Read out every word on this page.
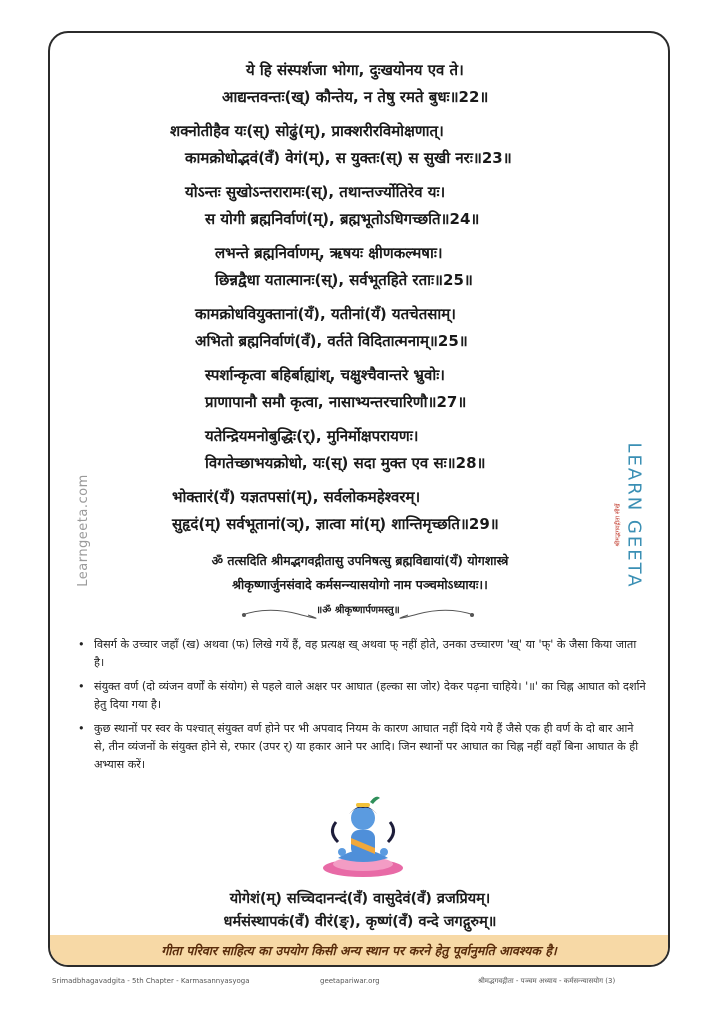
Learngeeta.com	LEARN GEETA
श्रीमद्भगवद्गीता सीखें
ये हि संस्पर्शजा भोगा, दुःखयोनय एव ते।
आद्यन्तवन्तः(ख्) कौन्तेय, न तेषु रमते बुधः॥22॥
शक्नोतीहैव यः(स्) सोढुं(म्), प्राक्शरीरविमोक्षणात्।
कामक्रोधोद्भवं(वँ) वेगं(म्), स युक्तः(स्) स सुखी नरः॥23॥
योऽन्तः सुखोऽन्तरारामः(स्), तथान्तर्ज्योतिरेव यः।
स योगी ब्रह्मनिर्वाणं(म्), ब्रह्मभूतोऽधिगच्छति॥24॥
लभन्ते ब्रह्मनिर्वाणम्, ऋषयः क्षीणकल्मषाः।
छिन्नद्वैधा यतात्मानः(स्), सर्वभूतहिते रताः॥25॥
कामक्रोधवियुक्तानां(यँ), यतीनां(यँ) यतचेतसाम्।
अभितो ब्रह्मनिर्वाणं(वँ), वर्तते विदितात्मनाम्॥25॥
स्पर्शान्कृत्वा बहिर्बाह्यांश्, चक्षुश्चैवान्तरे भ्रुवोः।
प्राणापानौ समौ कृत्वा, नासाभ्यन्तरचारिणौ॥27॥
यतेन्द्रियमनोबुद्धिः(र्), मुनिर्मोक्षपरायणः।
विगतेच्छाभयक्रोधो, यः(स्) सदा मुक्त एव सः॥28॥
भोक्तारं(यँ) यज्ञतपसां(म्), सर्वलोकमहेश्वरम्।
सुहृदं(म्) सर्वभूतानां(ञ्), ज्ञात्वा मां(म्) शान्तिमृच्छति॥29॥
ॐ तत्सदिति श्रीमद्भगवद्गीतासु उपनिषत्सु ब्रह्मविद्यायां(यँ) योगशास्त्रे
श्रीकृष्णार्जुनसंवादे कर्मसन्न्यासयोगो नाम पञ्चमोऽध्यायः।।
॥ॐ श्रीकृष्णार्पणमस्तु॥
• विसर्ग के उच्चार जहाँ (ख) अथवा (फ) लिखे गयें हैं, वह प्रत्यक्ष ख् अथवा फ् नहीं होते, उनका उच्चारण 'ख्' या 'फ्' के जैसा किया जाता है।
• संयुक्त वर्ण (दो व्यंजन वर्णों के संयोग) से पहले वाले अक्षर पर आघात (हल्का सा जोर) देकर पढ़ना चाहिये। '॥' का चिह्न आघात को दर्शाने हेतु दिया गया है।
• कुछ स्थानों पर स्वर के पश्चात् संयुक्त वर्ण होने पर भी अपवाद नियम के कारण आघात नहीं दिये गये हैं जैसे एक ही वर्ण के दो बार आने से, तीन व्यंजनों के संयुक्त होने से, रफार (उपर र्) या हकार आने पर आदि। जिन स्थानों पर आघात का चिह्न नहीं वहाँ बिना आघात के ही अभ्यास करें।
योगेशं(म्) सच्चिदानन्दं(वँ) वासुदेवं(वँ) व्रजप्रियम्।
धर्मसंस्थापकं(वँ) वीरं(ङ्), कृष्णं(वँ) वन्दे जगद्गुरुम्॥
गीता परिवार साहित्य का उपयोग किसी अन्य स्थान पर करने हेतु पूर्वानुमति आवश्यक है।
Srimadbhagavadgita - 5th Chapter - Karmasannyasyoga	geetapariwar.org	श्रीमद्भगवद्गीता - पञ्चम अध्याय - कर्मसन्न्यासयोग (3)
